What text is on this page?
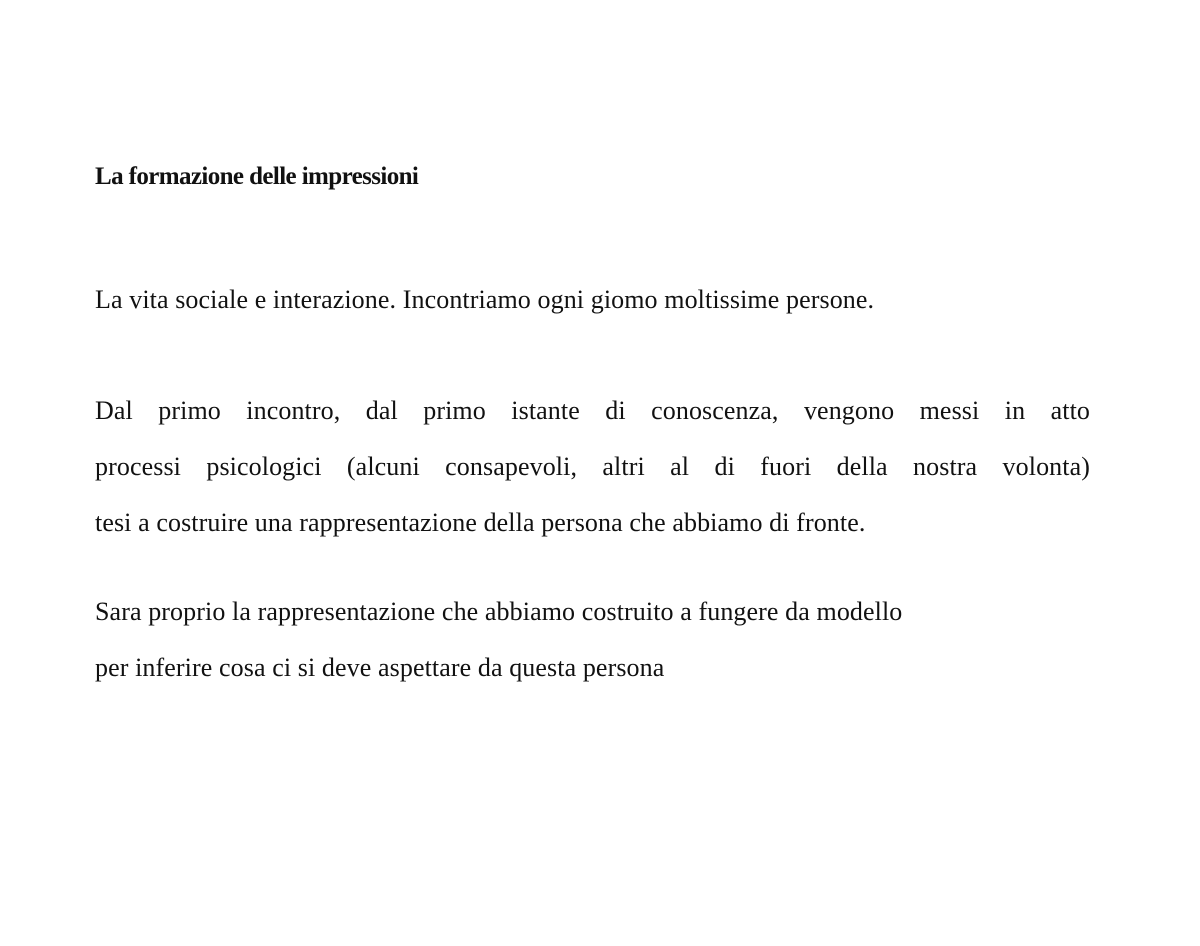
La formazione delle impressioni

La vita sociale e interazione. Incontriamo ogni giomo moltissime persone.

Dal primo incontro, dal primo istante di conoscenza, vengono messi in atto
processi psicologici (alcuni consapevoli, altri al di fuori della nostra volonta)
tesi a costruire una rappresentazione della persona che abbiamo di fronte.

Sara proprio la rappresentazione che abbiamo costruito a fungere da modello
per inferire cosa ci si deve aspettare da questa persona
